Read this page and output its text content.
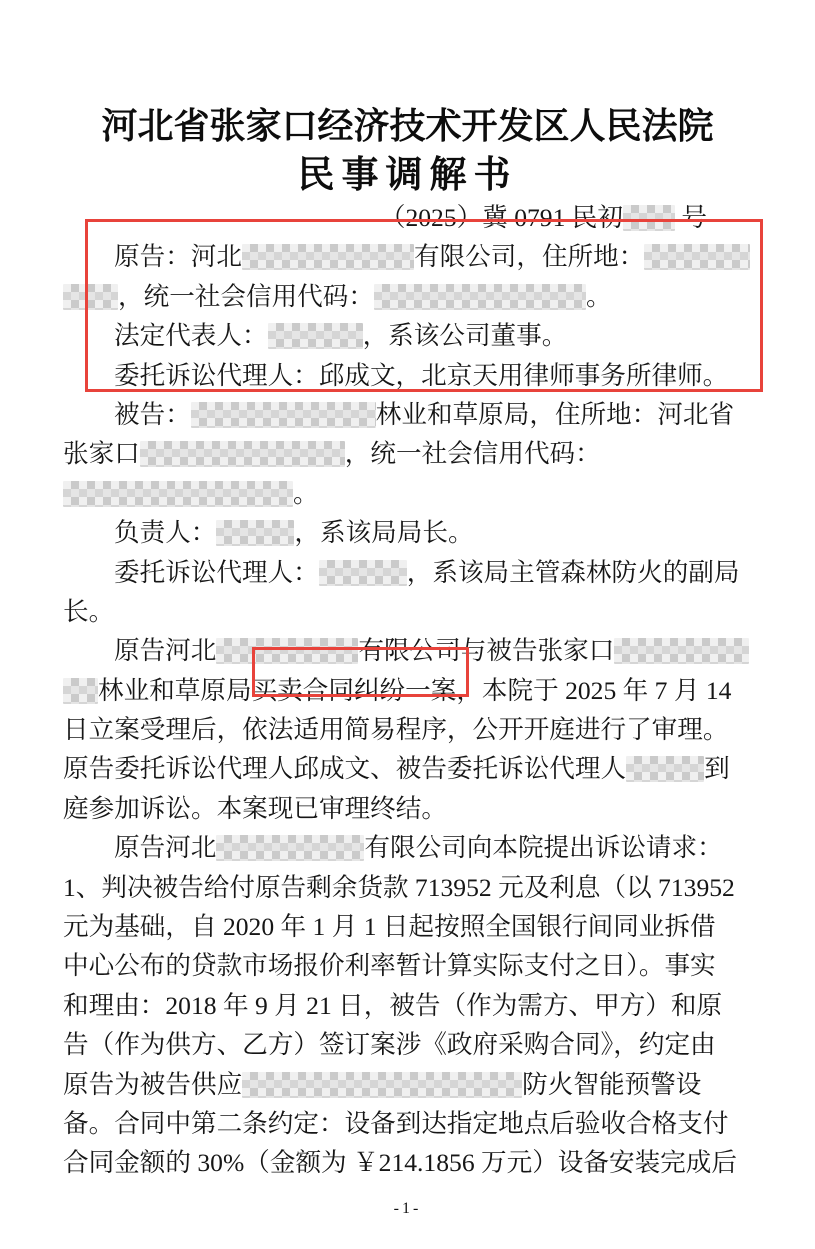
河北省张家口经济技术开发区人民法院
民事调解书
（2025）冀 0791 民初 号
原告：河北	有限公司，住所地：
，统一社会信用代码：	。
法定代表人：	，系该公司董事。
委托诉讼代理人：邱成文，北京天用律师事务所律师。
被告：	林业和草原局，住所地：河北省
张家口	，统一社会信用代码：
。
负责人：	，系该局局长。
委托诉讼代理人：	，系该局主管森林防火的副局
长。
原告河北	有限公司与被告张家口
林业和草原局买卖合同纠纷一案，本院于 2025 年 7 月 14
日立案受理后，依法适用简易程序，公开开庭进行了审理。
原告委托诉讼代理人邱成文、被告委托诉讼代理人	到
庭参加诉讼。本案现已审理终结。
原告河北	有限公司向本院提出诉讼请求：
1、判决被告给付原告剩余货款 713952 元及利息（以 713952
元为基础，自 2020 年 1 月 1 日起按照全国银行间同业拆借
中心公布的贷款市场报价利率暂计算实际支付之日）。事实
和理由：2018 年 9 月 21 日，被告（作为需方、甲方）和原
告（作为供方、乙方）签订案涉《政府采购合同》，约定由
原告为被告供应	防火智能预警设
备。合同中第二条约定：设备到达指定地点后验收合格支付
合同金额的 30%（金额为 ￥214.1856 万元）设备安装完成后
-1-
